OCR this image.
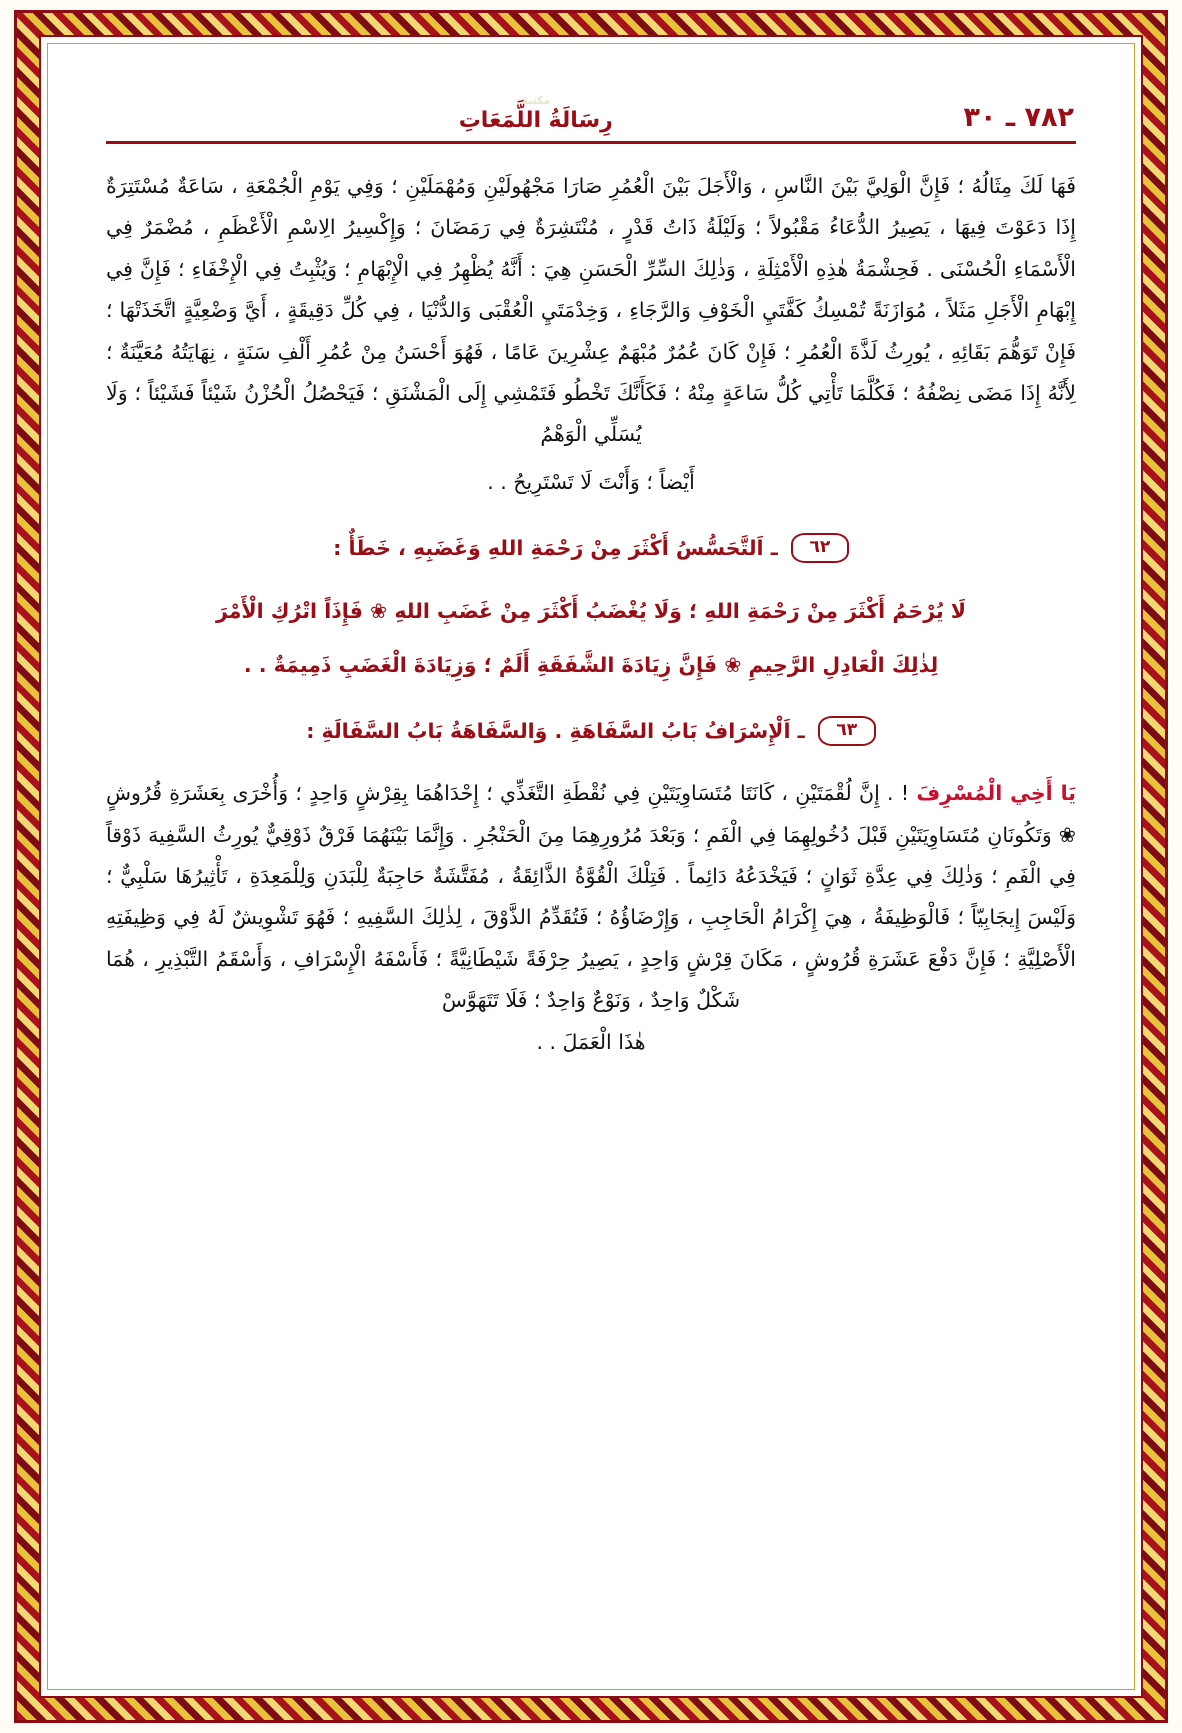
٧٨٢ ـ ٣٠
مكتبة
رِسَالَةُ اللَّمَعَاتِ

فَهَا لَكَ مِثَالُهُ ؛ فَإِنَّ الْوَلِيَّ بَيْنَ النَّاسِ ، وَالْأَجَلَ بَيْنَ الْعُمُرِ صَارَا مَجْهُولَيْنِ وَمُهْمَلَيْنِ ؛ وَفِي يَوْمِ الْجُمْعَةِ ، سَاعَةٌ مُسْتَتِرَةٌ إِذَا دَعَوْتَ فِيهَا ، يَصِيرُ الدُّعَاءُ مَقْبُولاً ؛ وَلَيْلَةُ ذَاتُ قَدْرٍ ، مُنْتَشِرَةٌ فِي رَمَضَانَ ؛ وَإِكْسِيرُ الِاسْمِ الْأَعْظَمِ ، مُضْمَرٌ فِي الْأَسْمَاءِ الْحُسْنَى . فَحِشْمَةُ هٰذِهِ الْأَمْثِلَةِ ، وَذٰلِكَ السِّرِّ الْحَسَنِ هِيَ : أَنَّهُ يُظْهِرُ فِي الْإِبْهَامِ ؛ وَيُثْبِتُ فِي الْإِخْفَاءِ ؛ فَإِنَّ فِي إِبْهَامِ الْأَجَلِ مَثَلاً ، مُوَازَنَةً تُمْسِكُ كَفَّتَيِ الْخَوْفِ وَالرَّجَاءِ ، وَخِدْمَتَيِ الْعُقْبَى وَالدُّنْيَا ، فِي كُلِّ دَقِيقَةٍ ، أَيَّ وَضْعِيَّةٍ اتَّخَذَتْهَا ؛ فَإِنْ تَوَهُّمَ بَقَائِهِ ، يُورِثُ لَذَّةَ الْعُمُرِ ؛ فَإِنْ كَانَ عُمُرٌ مُبْهَمٌ عِشْرِينَ عَامًا ، فَهُوَ أَحْسَنُ مِنْ عُمُرِ أَلْفِ سَنَةٍ ، نِهَايَتُهُ مُعَيَّنَةٌ ؛ لِأَنَّهُ إِذَا مَضَى نِصْفُهُ ؛ فَكُلَّمَا تَأْتِي كُلُّ سَاعَةٍ مِنْهُ ؛ فَكَأَنَّكَ تَخْطُو فَتَمْشِي إِلَى الْمَشْنَقِ ؛ فَيَحْصُلُ الْحُزْنُ شَيْئاً فَشَيْئاً ؛ وَلَا يُسَلِّي الْوَهْمُ

أَيْضاً ؛ وَأَنْتَ لَا تَسْتَرِيحُ . .

٦٢ ـ اَلتَّحَسُّسُ أَكْثَرَ مِنْ رَحْمَةِ اللهِ وَغَضَبِهِ ، خَطَأٌ :
لَا يُرْحَمُ أَكْثَرَ مِنْ رَحْمَةِ اللهِ ؛ وَلَا يُغْضَبُ أَكْثَرَ مِنْ غَضَبِ اللهِ ❀ فَإِذَاً اتْرُكِ الْأَمْرَ
لِذٰلِكَ الْعَادِلِ الرَّحِيمِ ❀ فَإِنَّ زِيَادَةَ الشَّفَقَةِ أَلَمٌ ؛ وَزِيَادَةَ الْغَضَبِ ذَمِيمَةٌ . .
٦٣ ـ اَلْإِسْرَافُ بَابُ السَّفَاهَةِ . وَالسَّفَاهَةُ بَابُ السَّفَالَةِ :
يَا أَخِي الْمُسْرِفَ ! . إِنَّ لُقْمَتَيْنِ ، كَانَتَا مُتَسَاوِيَتَيْنِ فِي نُقْطَةِ التَّغَذِّي ؛ إِحْدَاهُمَا بِقِرْشٍ وَاحِدٍ ؛ وَأُخْرَى بِعَشَرَةِ قُرُوشٍ ❀ وَتَكُونَانِ مُتَسَاوِيَتَيْنِ قَبْلَ دُخُولِهِمَا فِي الْفَمِ ؛ وَبَعْدَ مُرُورِهِمَا مِنَ الْحَنْجُرِ . وَإِنَّمَا بَيْنَهُمَا فَرْقٌ ذَوْقِيٌّ يُورِثُ السَّفِيهَ ذَوْقاً فِي الْفَمِ ؛ وَذٰلِكَ فِي عِدَّةِ ثَوَانٍ ؛ فَيَخْدَعُهُ دَائِماً . فَتِلْكَ الْقُوَّةُ الذَّائِقَةُ ، مُفَتَّشَةٌ حَاجِبَةٌ لِلْبَدَنِ وَلِلْمَعِدَةِ ، تَأْثِيرُهَا سَلْبِيٌّ ؛ وَلَيْسَ إِيجَابِيّاً ؛ فَالْوَظِيفَةُ ، هِيَ إِكْرَامُ الْحَاجِبِ ، وَإِرْضَاؤُهُ ؛ فَتُقَدِّمُ الذَّوْقَ ، لِذٰلِكَ السَّفِيهِ ؛ فَهُوَ تَشْوِيشٌ لَهُ فِي وَظِيفَتِهِ الْأَصْلِيَّةِ ؛ فَإِنَّ دَفْعَ عَشَرَةِ قُرُوشٍ ، مَكَانَ قِرْشٍ وَاحِدٍ ، يَصِيرُ حِرْفَةً شَيْطَانِيَّةً ؛ فَأَسْفَهُ الْإِسْرَافِ ، وَأَسْقَمُ التَّبْذِيرِ ، هُمَا شَكْلٌ وَاحِدٌ ، وَنَوْعٌ وَاحِدٌ ؛ فَلَا تَتَهَوَّسْ
هٰذَا الْعَمَلَ . .
